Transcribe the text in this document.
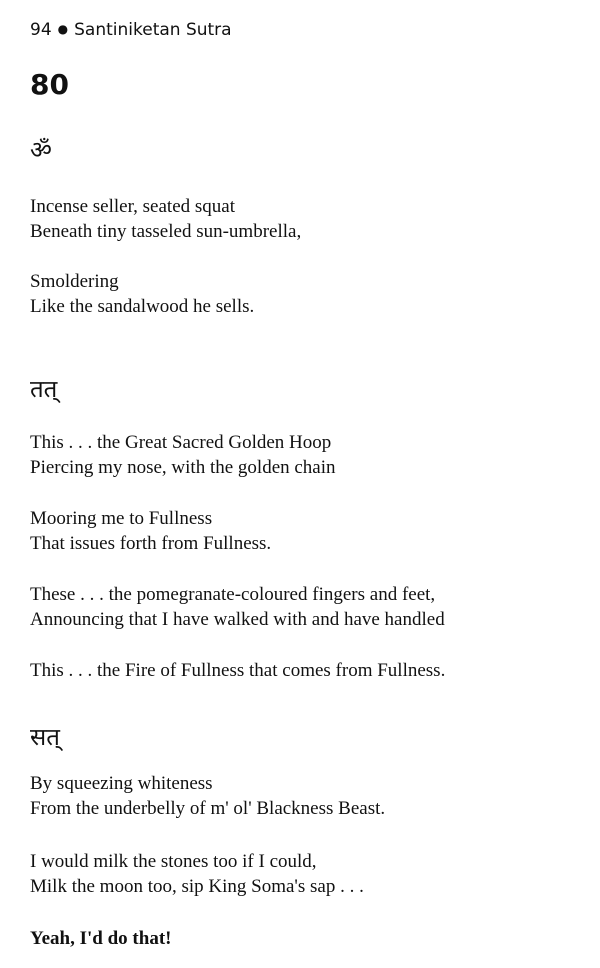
94 ● Santiniketan Sutra
80
ॐ
Incense seller, seated squat
Beneath tiny tasseled sun-umbrella,
Smoldering
Like the sandalwood he sells.
तत्
This . . . the Great Sacred Golden Hoop
Piercing my nose, with the golden chain
Mooring me to Fullness
That issues forth from Fullness.
These . . . the pomegranate-coloured fingers and feet,
Announcing that I have walked with and have handled
This . . . the Fire of Fullness that comes from Fullness.
सत्
By squeezing whiteness
From the underbelly of m' ol' Blackness Beast.
I would milk the stones too if I could,
Milk the moon too, sip King Soma's sap . . .
Yeah, I'd do that!
